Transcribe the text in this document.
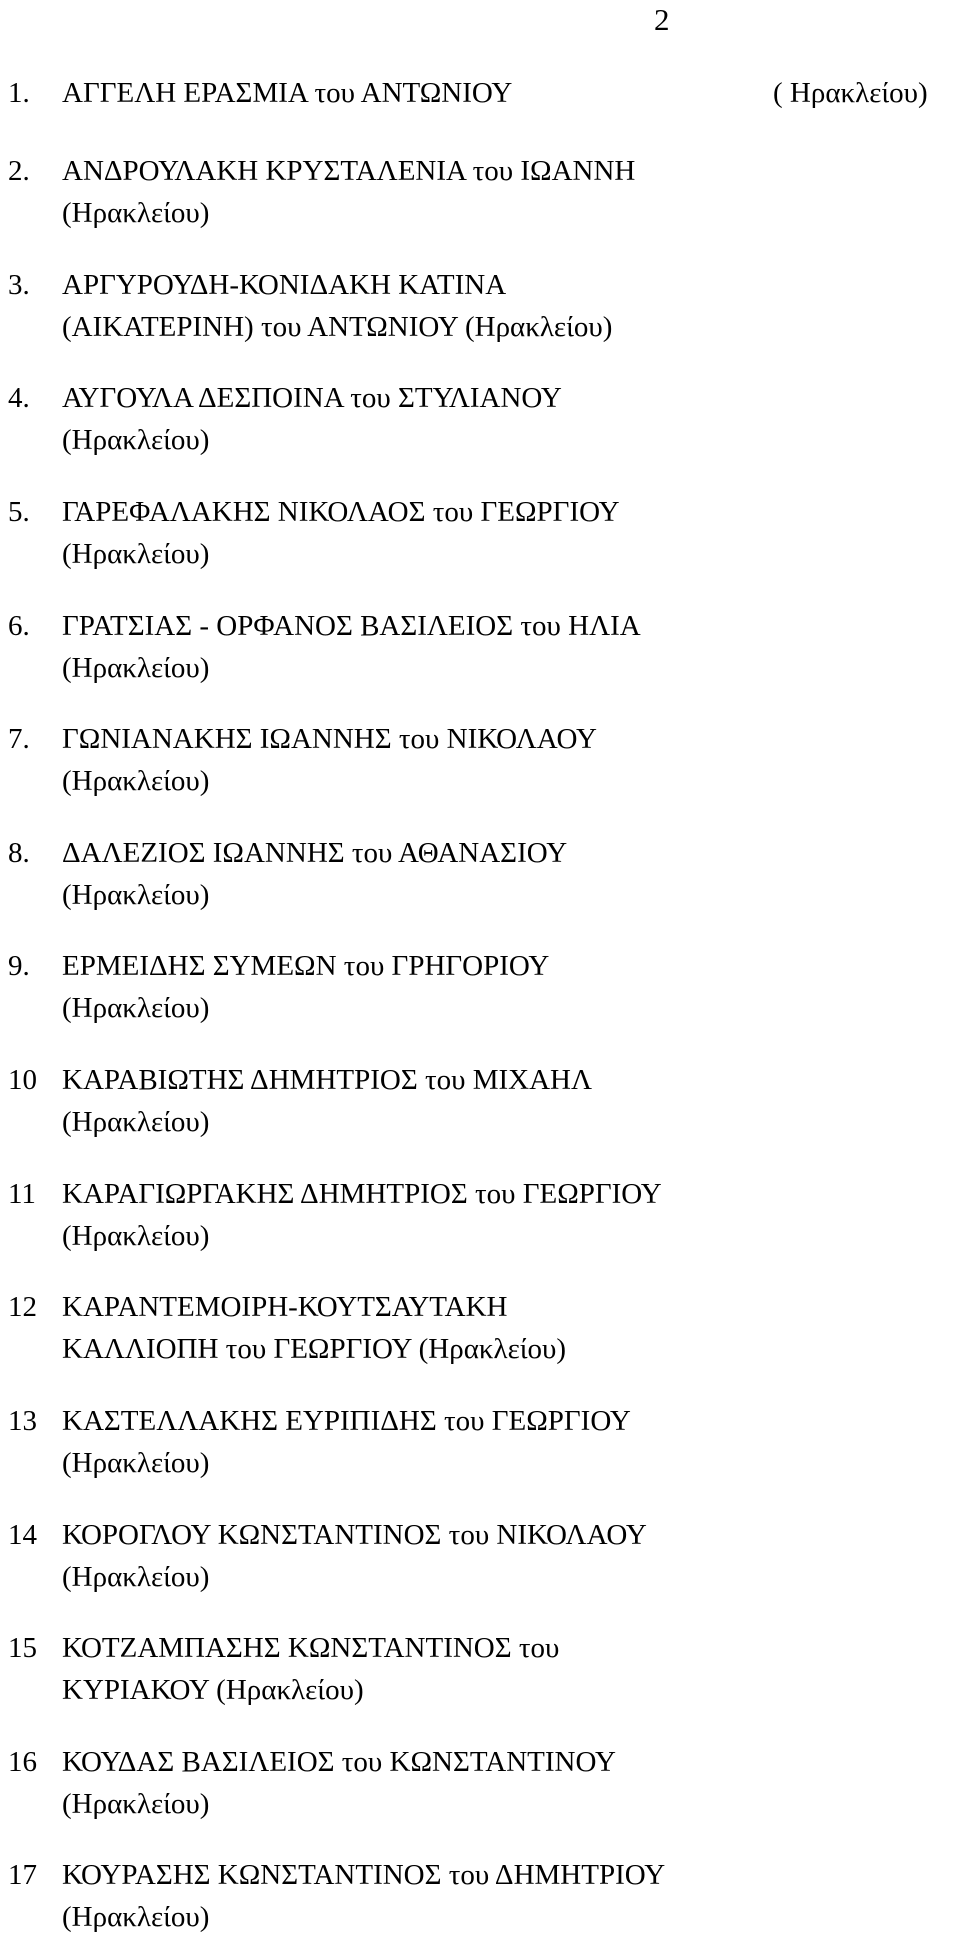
2
1. ΑΓΓΕΛΗ ΕΡΑΣΜΙΑ του ΑΝΤΩΝΙΟΥ	( Ηρακλείου)
2. ΑΝΔΡΟΥΛΑΚΗ ΚΡΥΣΤΑΛΕΝΙΑ του ΙΩΑΝΝΗ
(Ηρακλείου)
3. ΑΡΓΥΡΟΥΔΗ-ΚΟΝΙΔΑΚΗ ΚΑΤΙΝΑ
(ΑΙΚΑΤΕΡΙΝΗ) του ΑΝΤΩΝΙΟΥ (Ηρακλείου)
4. ΑΥΓΟΥΛΑ ΔΕΣΠΟΙΝΑ του ΣΤΥΛΙΑΝΟΥ
(Ηρακλείου)
5. ΓΑΡΕΦΑΛΑΚΗΣ ΝΙΚΟΛΑΟΣ του ΓΕΩΡΓΙΟΥ
(Ηρακλείου)
6. ΓΡΑΤΣΙΑΣ - ΟΡΦΑΝΟΣ ΒΑΣΙΛΕΙΟΣ του ΗΛΙΑ
(Ηρακλείου)
7. ΓΩΝΙΑΝΑΚΗΣ ΙΩΑΝΝΗΣ του ΝΙΚΟΛΑΟΥ
(Ηρακλείου)
8. ΔΑΛΕΖΙΟΣ ΙΩΑΝΝΗΣ του ΑΘΑΝΑΣΙΟΥ
(Ηρακλείου)
9. ΕΡΜΕΙΔΗΣ ΣΥΜΕΩΝ του ΓΡΗΓΟΡΙΟΥ
(Ηρακλείου)
10 ΚΑΡΑΒΙΩΤΗΣ ΔΗΜΗΤΡΙΟΣ του ΜΙΧΑΗΛ
(Ηρακλείου)
11 ΚΑΡΑΓΙΩΡΓΑΚΗΣ ΔΗΜΗΤΡΙΟΣ του ΓΕΩΡΓΙΟΥ
(Ηρακλείου)
12 ΚΑΡΑΝΤΕΜΟΙΡΗ-ΚΟΥΤΣΑΥΤΑΚΗ
ΚΑΛΛΙΟΠΗ του ΓΕΩΡΓΙΟΥ (Ηρακλείου)
13 ΚΑΣΤΕΛΛΑΚΗΣ ΕΥΡΙΠΙΔΗΣ του ΓΕΩΡΓΙΟΥ
(Ηρακλείου)
14 ΚΟΡΟΓΛΟΥ ΚΩΝΣΤΑΝΤΙΝΟΣ του ΝΙΚΟΛΑΟΥ
(Ηρακλείου)
15 ΚΟΤΖΑΜΠΑΣΗΣ ΚΩΝΣΤΑΝΤΙΝΟΣ του
ΚΥΡΙΑΚΟΥ (Ηρακλείου)
16 ΚΟΥΔΑΣ ΒΑΣΙΛΕΙΟΣ του ΚΩΝΣΤΑΝΤΙΝΟΥ
(Ηρακλείου)
17 ΚΟΥΡΑΣΗΣ ΚΩΝΣΤΑΝΤΙΝΟΣ του ΔΗΜΗΤΡΙΟΥ
(Ηρακλείου)
